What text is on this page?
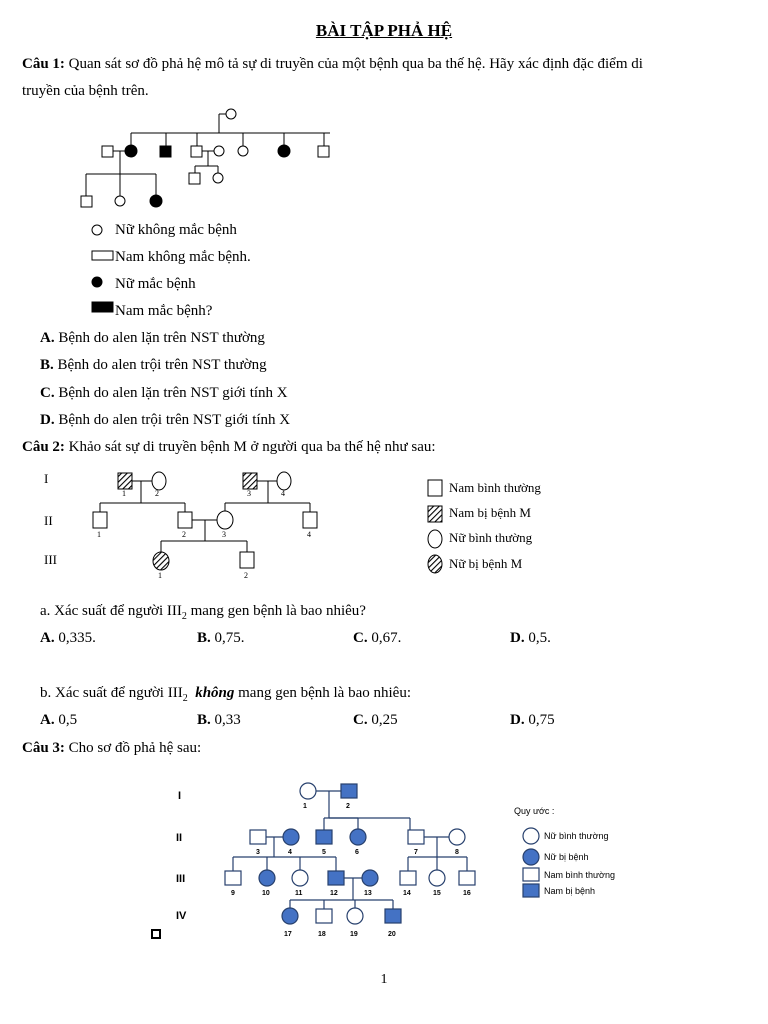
BÀI TẬP PHẢ HỆ
Câu 1: Quan sát sơ đồ phả hệ mô tả sự di truyền của một bệnh qua ba thế hệ. Hãy xác định đặc điểm di
truyền của bệnh trên.
Nữ không mắc bệnh
Nam không mắc bệnh.
Nữ mắc bệnh
Nam mắc bệnh?
A. Bệnh do alen lặn trên NST thường
B. Bệnh do alen trội trên NST thường
C. Bệnh do alen lặn trên NST giới tính X
D. Bệnh do alen trội trên NST giới tính X
Câu 2: Khảo sát sự di truyền bệnh M ở người qua ba thế hệ như sau:
I
II
III
1	2	3	4
1	2	3	4
1	2
Nam bình thường
Nam bị bệnh M
Nữ bình thường
Nữ bị bệnh M
a. Xác suất để người $III_2$ mang gen bệnh là bao nhiêu?
A. 0,335.	B. 0,75.	C. 0,67.	D. 0,5.
b. Xác suất để người $III_2$ không mang gen bệnh là bao nhiêu:
A. 0,5	B. 0,33	C. 0,25	D. 0,75
Câu 3: Cho sơ đồ phả hệ sau:
I
II
III
IV
1	2
3	4	5	6	7	8
9	10	11	12	13	14	15	16
17	18	19	20
Quy ước :
Nữ bình thường
Nữ bị bệnh
Nam bình thường
Nam bị bệnh
1
